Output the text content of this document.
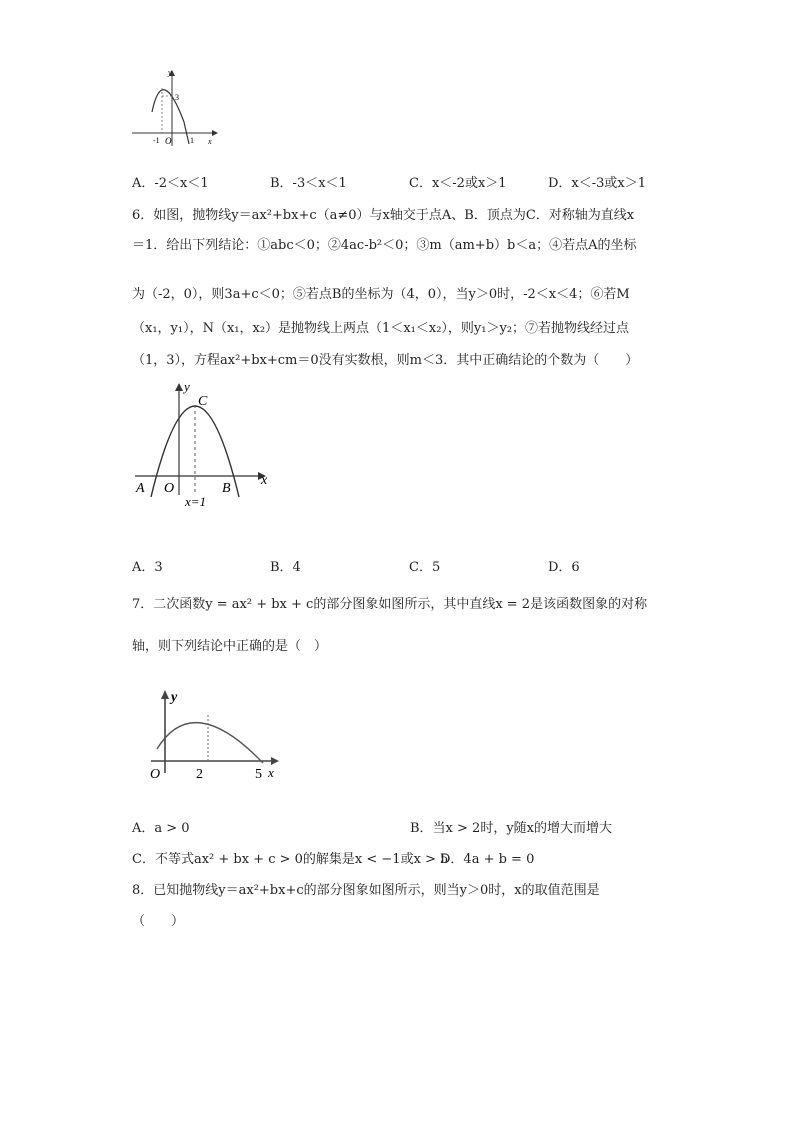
y
3
-1 O 1 x
A．-2＜x＜1	B．-3＜x＜1	C．x＜-2或x＞1	D．x＜-3或x＞1
6．如图，抛物线y＝ax²+bx+c（a≠0）与x轴交于点A、B．顶点为C．对称轴为直线x
＝1．给出下列结论：①abc＜0；②4ac-b²＜0；③m（am+b）b＜a；④若点A的坐标
为（-2，0），则3a+c＜0；⑤若点B的坐标为（4，0），当y＞0时，-2＜x＜4；⑥若M
（x₁，y₁），N（x₁，x₂）是抛物线上两点（1＜x₁＜x₂），则y₁＞y₂；⑦若抛物线经过点
（1，3），方程ax²+bx+cm＝0没有实数根，则m＜3．其中正确结论的个数为（　　）
y
C
x
A O	B
x=1
A．3	B．4	C．5	D．6
7．二次函数y = ax² + bx + c的部分图象如图所示，其中直线x = 2是该函数图象的对称
轴，则下列结论中正确的是（　）
y
O	2	5 x
A．a > 0	B．当x > 2时，y随x的增大而增大
C．不等式ax² + bx + c > 0的解集是x < −1或x > 5
D．4a + b = 0
8．已知抛物线y＝ax²+bx+c的部分图象如图所示，则当y＞0时，x的取值范围是
（　　）
